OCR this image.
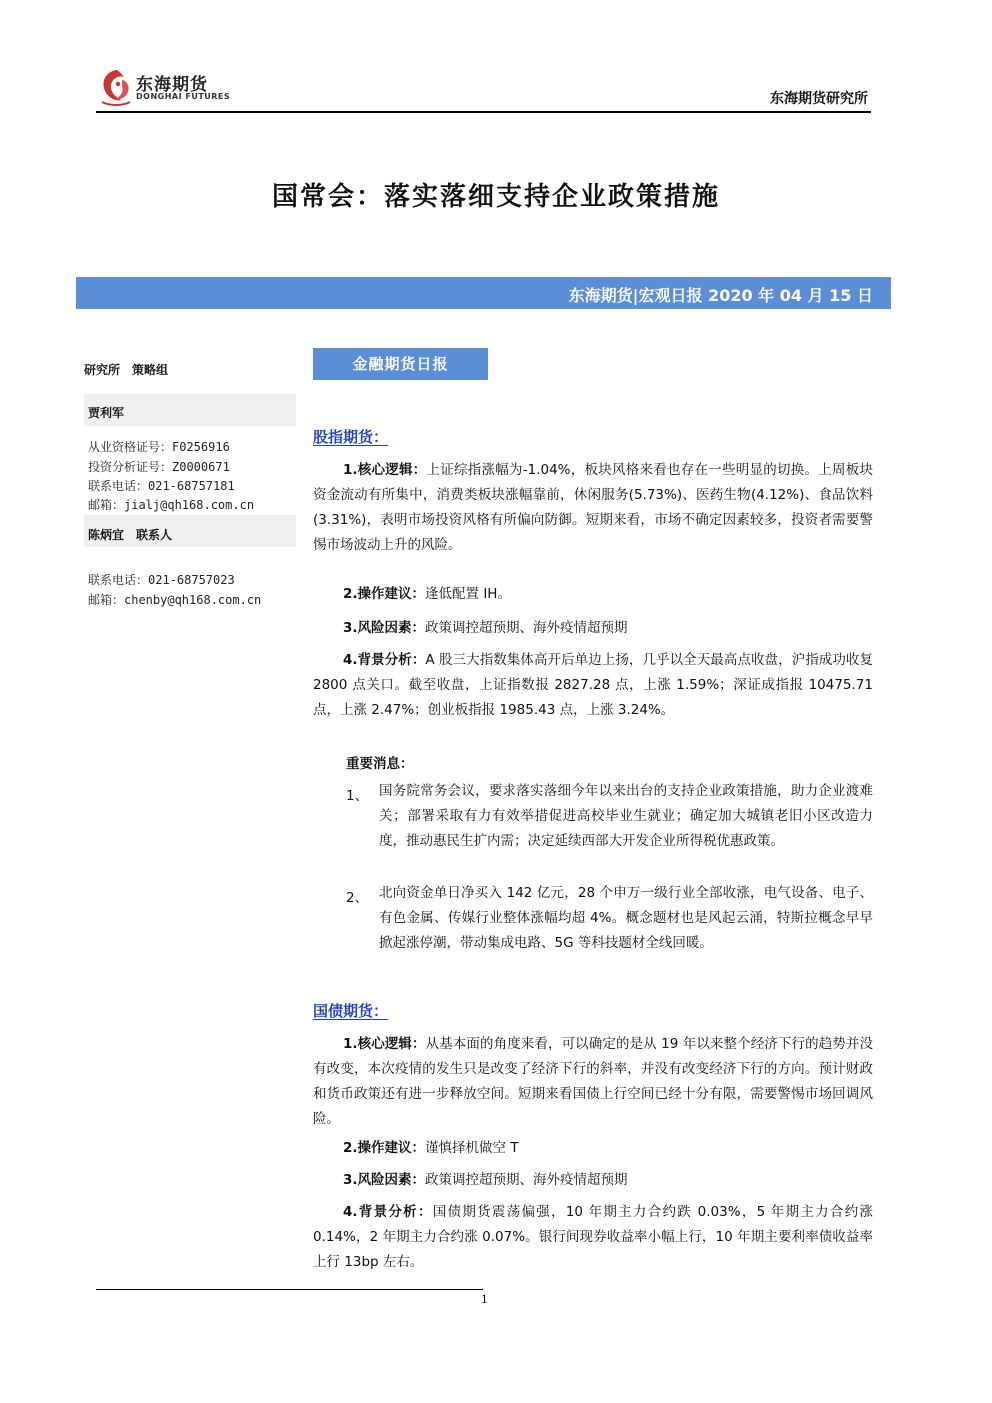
东海期货
DONGHAI FUTURES	东海期货研究所
国常会：落实落细支持企业政策措施
东海期货|宏观日报 2020 年 04 月 15 日
研究所　策略组
贾利军
从业资格证号：F0256916
投资分析证号：Z0000671
联系电话：021-68757181
邮箱：jialj@qh168.com.cn
陈炳宜　联系人
联系电话：021-68757023
邮箱：chenby@qh168.com.cn
金融期货日报
股指期货：
1.核心逻辑：上证综指涨幅为-1.04%，板块风格来看也存在一些明显的切换。上周板块资金流动有所集中，消费类板块涨幅靠前，休闲服务(5.73%)、医药生物(4.12%)、食品饮料(3.31%)，表明市场投资风格有所偏向防御。短期来看，市场不确定因素较多，投资者需要警惕市场波动上升的风险。
2.操作建议：逢低配置 IH。
3.风险因素：政策调控超预期、海外疫情超预期
4.背景分析：A 股三大指数集体高开后单边上扬，几乎以全天最高点收盘，沪指成功收复 2800 点关口。截至收盘，上证指数报 2827.28 点，上涨 1.59%；深证成指报 10475.71 点，上涨 2.47%；创业板指报 1985.43 点，上涨 3.24%。
重要消息：
1、 国务院常务会议，要求落实落细今年以来出台的支持企业政策措施，助力企业渡难关；部署采取有力有效举措促进高校毕业生就业；确定加大城镇老旧小区改造力度，推动惠民生扩内需；决定延续西部大开发企业所得税优惠政策。
2、 北向资金单日净买入 142 亿元，28 个申万一级行业全部收涨，电气设备、电子、有色金属、传媒行业整体涨幅均超 4%。概念题材也是风起云涌，特斯拉概念早早掀起涨停潮，带动集成电路、5G 等科技题材全线回暖。
国债期货：
1.核心逻辑：从基本面的角度来看，可以确定的是从 19 年以来整个经济下行的趋势并没有改变，本次疫情的发生只是改变了经济下行的斜率，并没有改变经济下行的方向。预计财政和货币政策还有进一步释放空间。短期来看国债上行空间已经十分有限，需要警惕市场回调风险。
2.操作建议：谨慎择机做空 T
3.风险因素：政策调控超预期、海外疫情超预期
4.背景分析：国债期货震荡偏强，10 年期主力合约跌 0.03%，5 年期主力合约涨 0.14%，2 年期主力合约涨 0.07%。银行间现券收益率小幅上行，10 年期主要利率债收益率上行 13bp 左右。
1
